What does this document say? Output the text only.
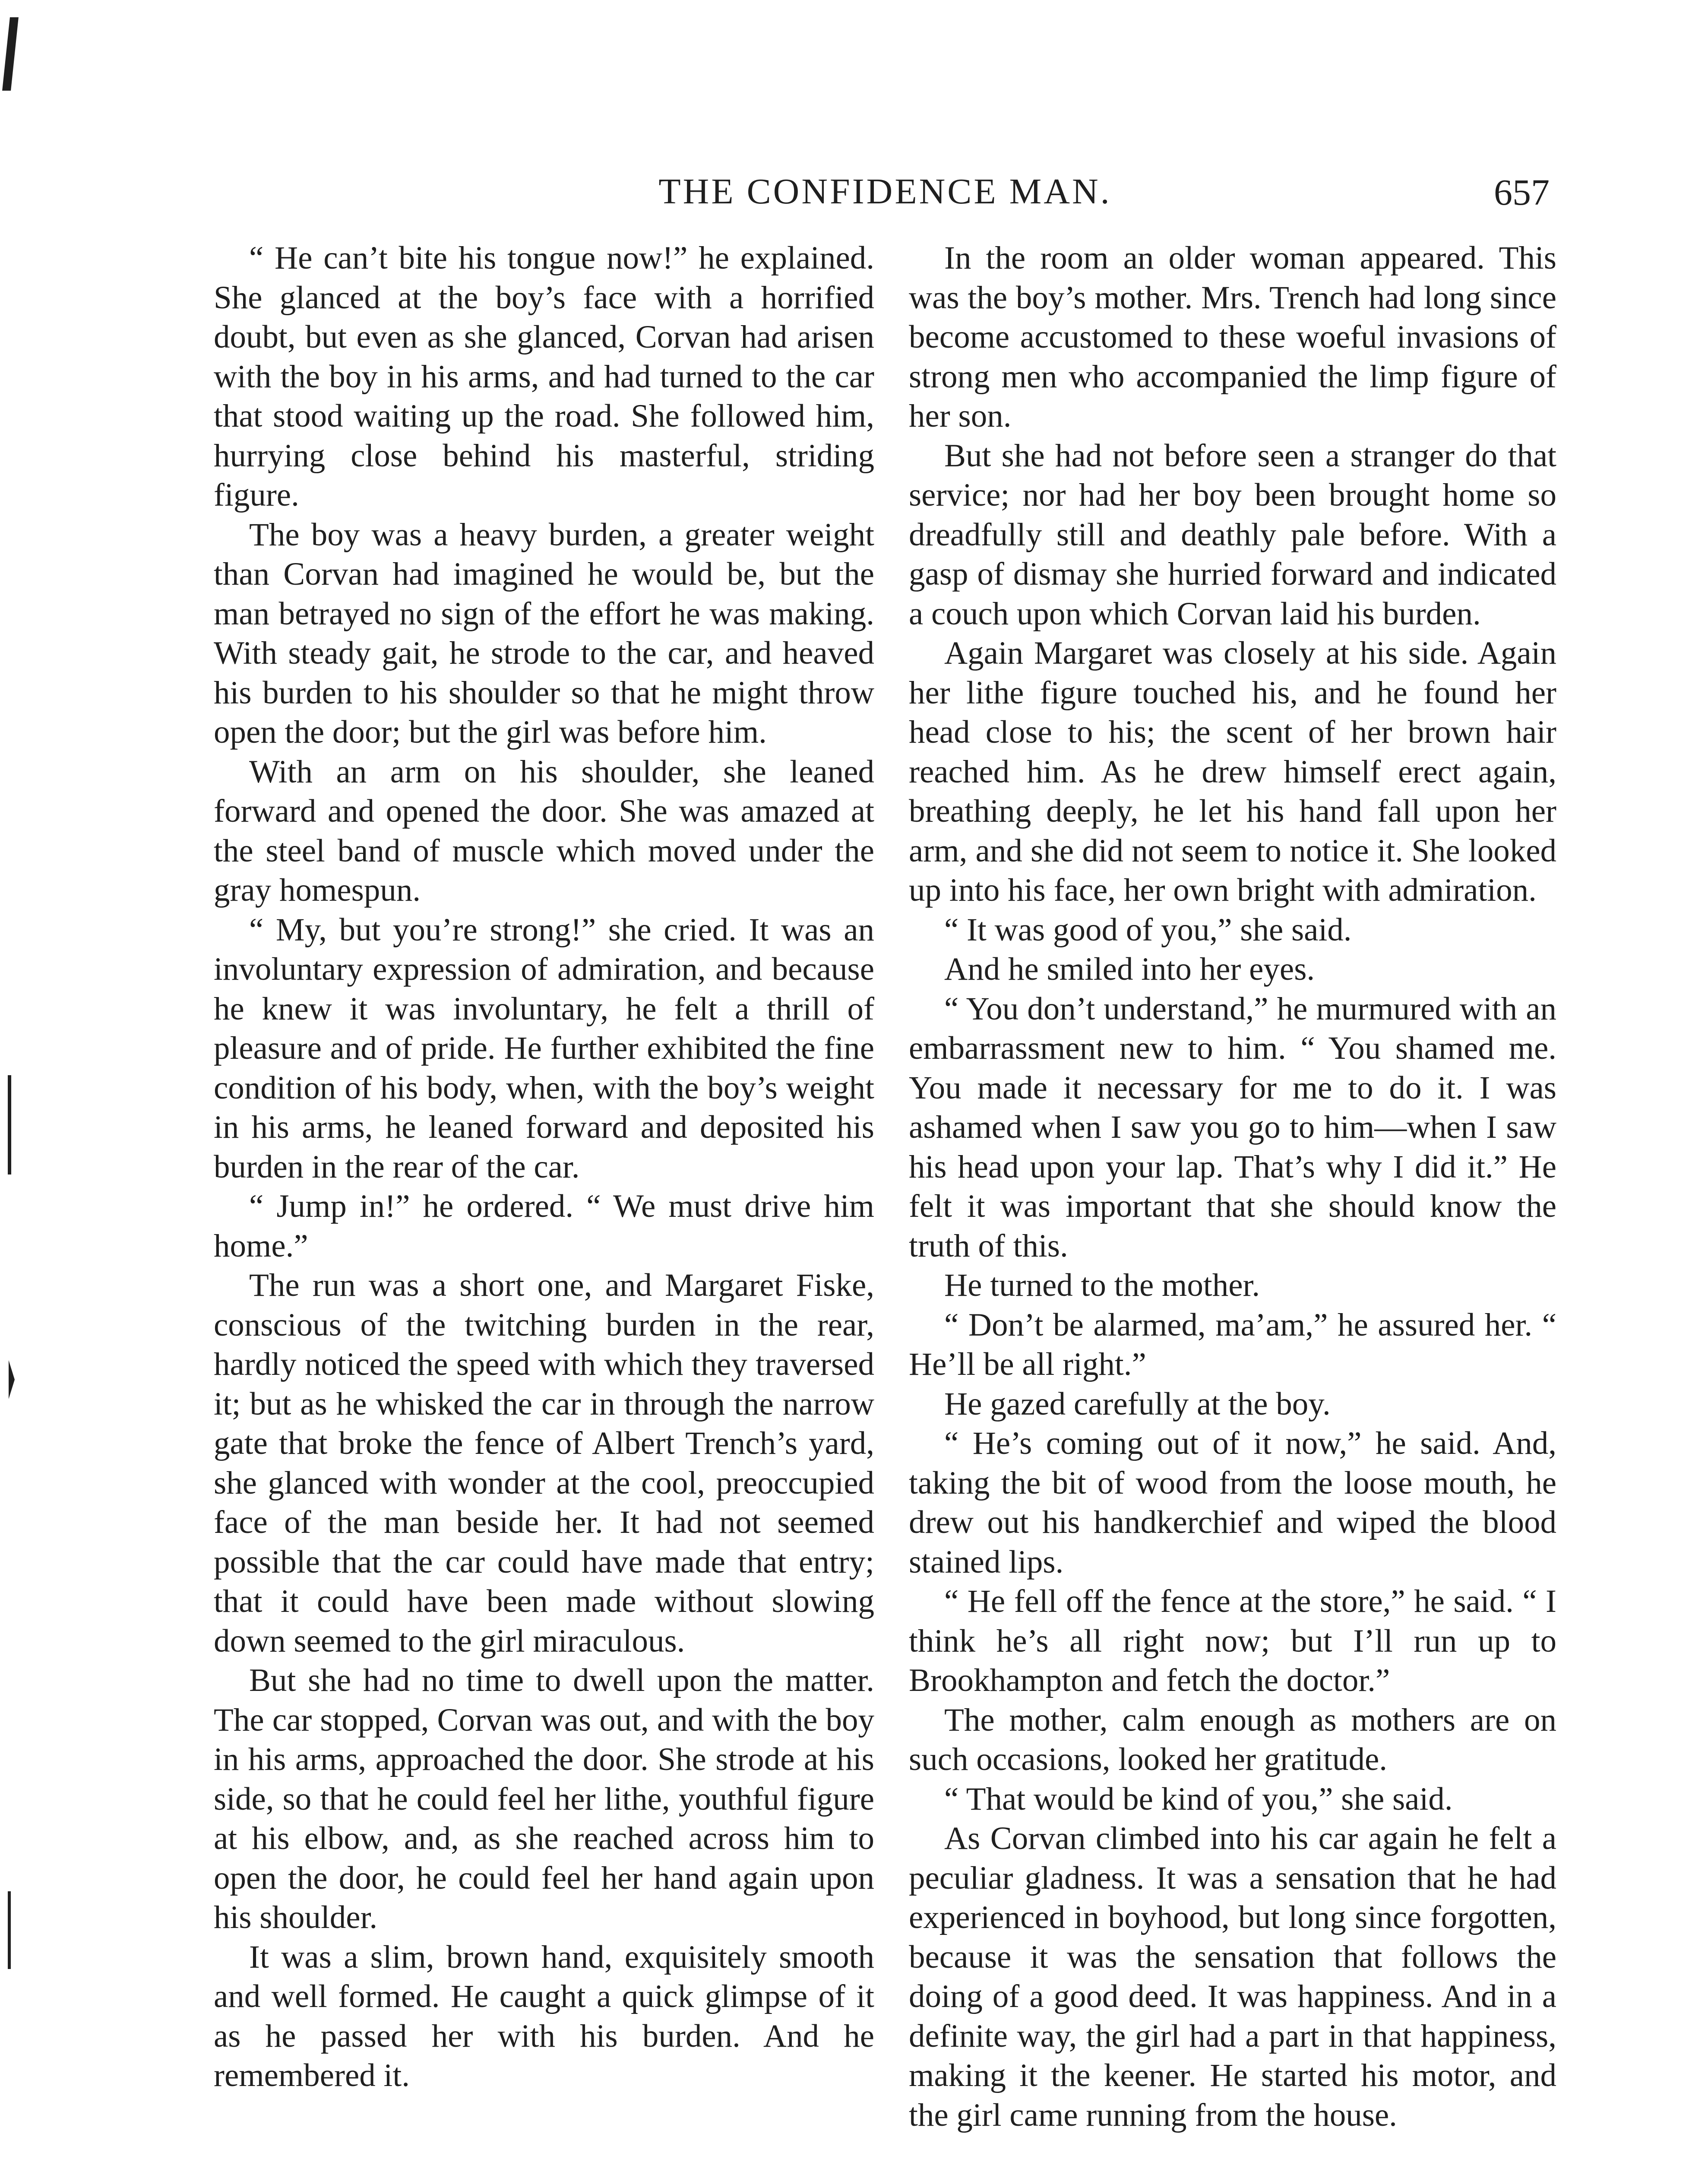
THE CONFIDENCE MAN.	657

“ He can’t bite his tongue now!” he explained. She glanced at the boy’s face with a horrified doubt, but even as she glanced, Corvan had arisen with the boy in his arms, and had turned to the car that stood waiting up the road. She followed him, hurrying close behind his masterful, striding figure.

The boy was a heavy burden, a greater weight than Corvan had imagined he would be, but the man betrayed no sign of the effort he was making. With steady gait, he strode to the car, and heaved his burden to his shoulder so that he might throw open the door; but the girl was before him.

With an arm on his shoulder, she leaned forward and opened the door. She was amazed at the steel band of muscle which moved under the gray homespun.

“ My, but you’re strong!” she cried. It was an involuntary expression of admiration, and because he knew it was involuntary, he felt a thrill of pleasure and of pride. He further exhibited the fine condition of his body, when, with the boy’s weight in his arms, he leaned forward and deposited his burden in the rear of the car.

“ Jump in!” he ordered. “ We must drive him home.”

The run was a short one, and Margaret Fiske, conscious of the twitching burden in the rear, hardly noticed the speed with which they traversed it; but as he whisked the car in through the narrow gate that broke the fence of Albert Trench’s yard, she glanced with wonder at the cool, preoccupied face of the man beside her. It had not seemed possible that the car could have made that entry; that it could have been made without slowing down seemed to the girl miraculous.

But she had no time to dwell upon the matter. The car stopped, Corvan was out, and with the boy in his arms, approached the door. She strode at his side, so that he could feel her lithe, youthful figure at his elbow, and, as she reached across him to open the door, he could feel her hand again upon his shoulder.

It was a slim, brown hand, exquisitely smooth and well formed. He caught a quick glimpse of it as he passed her with his burden. And he remembered it.

In the room an older woman appeared. This was the boy’s mother. Mrs. Trench had long since become accustomed to these woeful invasions of strong men who accompanied the limp figure of her son.

But she had not before seen a stranger do that service; nor had her boy been brought home so dreadfully still and deathly pale before. With a gasp of dismay she hurried forward and indicated a couch upon which Corvan laid his burden.

Again Margaret was closely at his side. Again her lithe figure touched his, and he found her head close to his; the scent of her brown hair reached him. As he drew himself erect again, breathing deeply, he let his hand fall upon her arm, and she did not seem to notice it. She looked up into his face, her own bright with admiration.

“ It was good of you,” she said.

And he smiled into her eyes.

“ You don’t understand,” he murmured with an embarrassment new to him. “ You shamed me. You made it necessary for me to do it. I was ashamed when I saw you go to him—when I saw his head upon your lap. That’s why I did it.” He felt it was important that she should know the truth of this.

He turned to the mother.

“ Don’t be alarmed, ma’am,” he assured her. “ He’ll be all right.”

He gazed carefully at the boy.

“ He’s coming out of it now,” he said. And, taking the bit of wood from the loose mouth, he drew out his handkerchief and wiped the blood stained lips.

“ He fell off the fence at the store,” he said. “ I think he’s all right now; but I’ll run up to Brookhampton and fetch the doctor.”

The mother, calm enough as mothers are on such occasions, looked her gratitude.

“ That would be kind of you,” she said.

As Corvan climbed into his car again he felt a peculiar gladness. It was a sensation that he had experienced in boyhood, but long since forgotten, because it was the sensation that follows the doing of a good deed. It was happiness. And in a definite way, the girl had a part in that happiness, making it the keener. He started his motor, and the girl came running from the house.
